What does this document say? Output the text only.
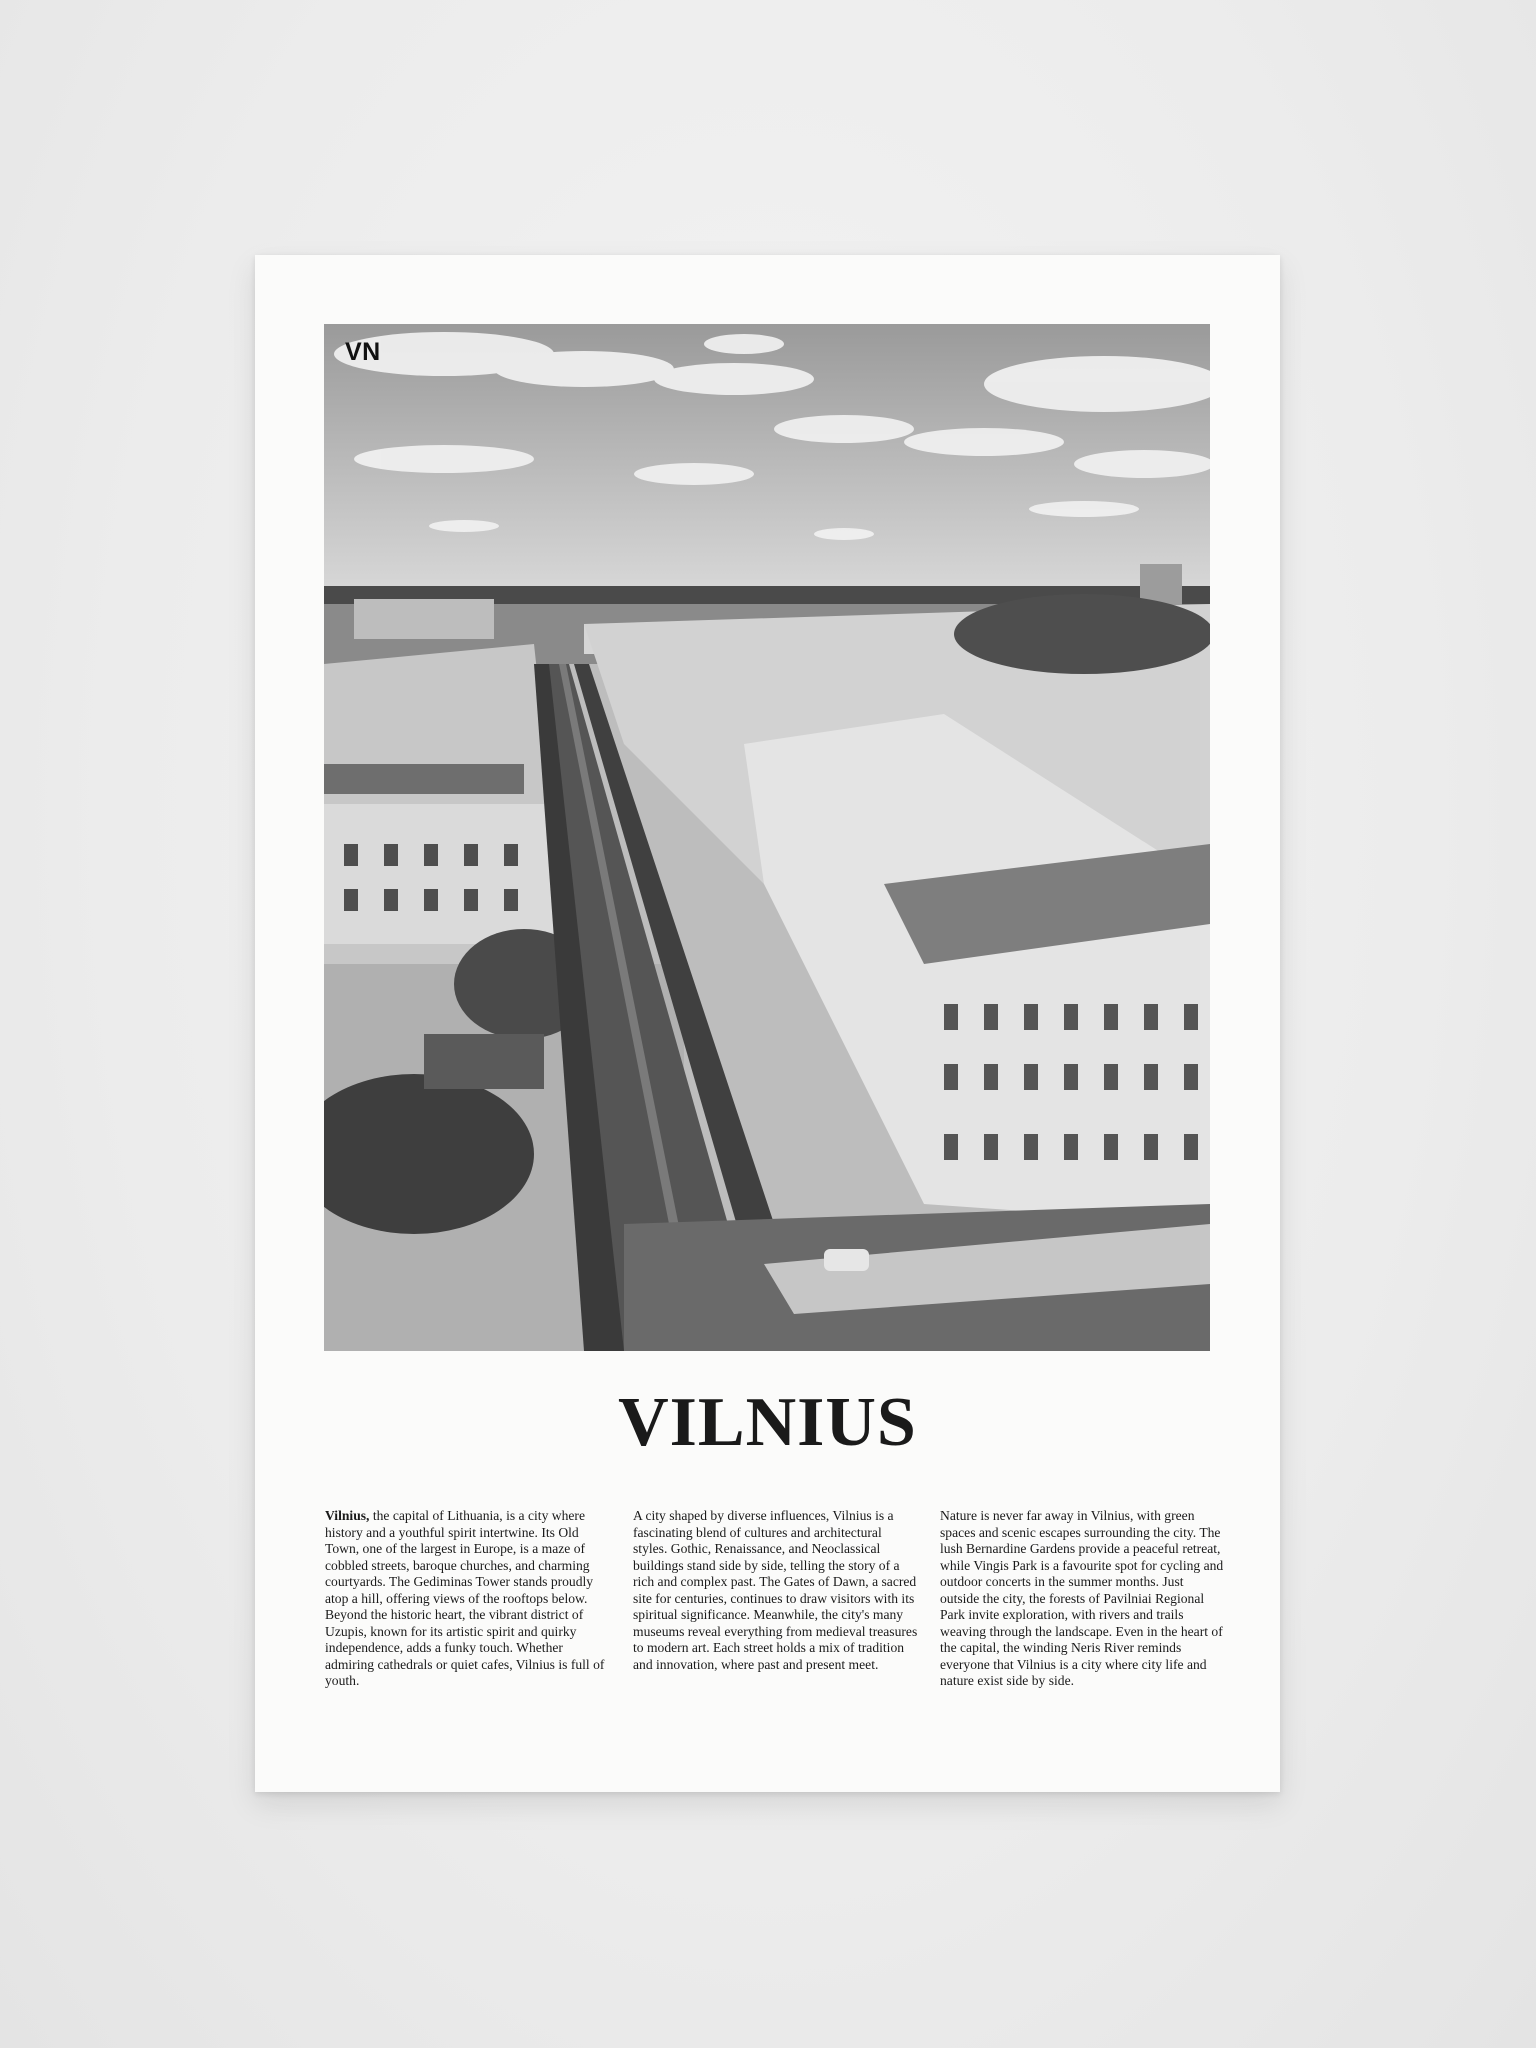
VN
VILNIUS

Vilnius, the capital of Lithuania, is a city where history and a youthful spirit intertwine. Its Old Town, one of the largest in Europe, is a maze of cobbled streets, baroque churches, and charming courtyards. The Gediminas Tower stands proudly atop a hill, offering views of the rooftops below. Beyond the historic heart, the vibrant district of Uzupis, known for its artistic spirit and quirky independence, adds a funky touch. Whether admiring cathedrals or quiet cafes, Vilnius is full of youth.

A city shaped by diverse influences, Vilnius is a fascinating blend of cultures and architectural styles. Gothic, Renaissance, and Neoclassical buildings stand side by side, telling the story of a rich and complex past. The Gates of Dawn, a sacred site for centuries, continues to draw visitors with its spiritual significance. Meanwhile, the city's many museums reveal everything from medieval treasures to modern art. Each street holds a mix of tradition and innovation, where past and present meet.

Nature is never far away in Vilnius, with green spaces and scenic escapes surrounding the city. The lush Bernardine Gardens provide a peaceful retreat, while Vingis Park is a favourite spot for cycling and outdoor concerts in the summer months. Just outside the city, the forests of Pavilniai Regional Park invite exploration, with rivers and trails weaving through the landscape. Even in the heart of the capital, the winding Neris River reminds everyone that Vilnius is a city where city life and nature exist side by side.
